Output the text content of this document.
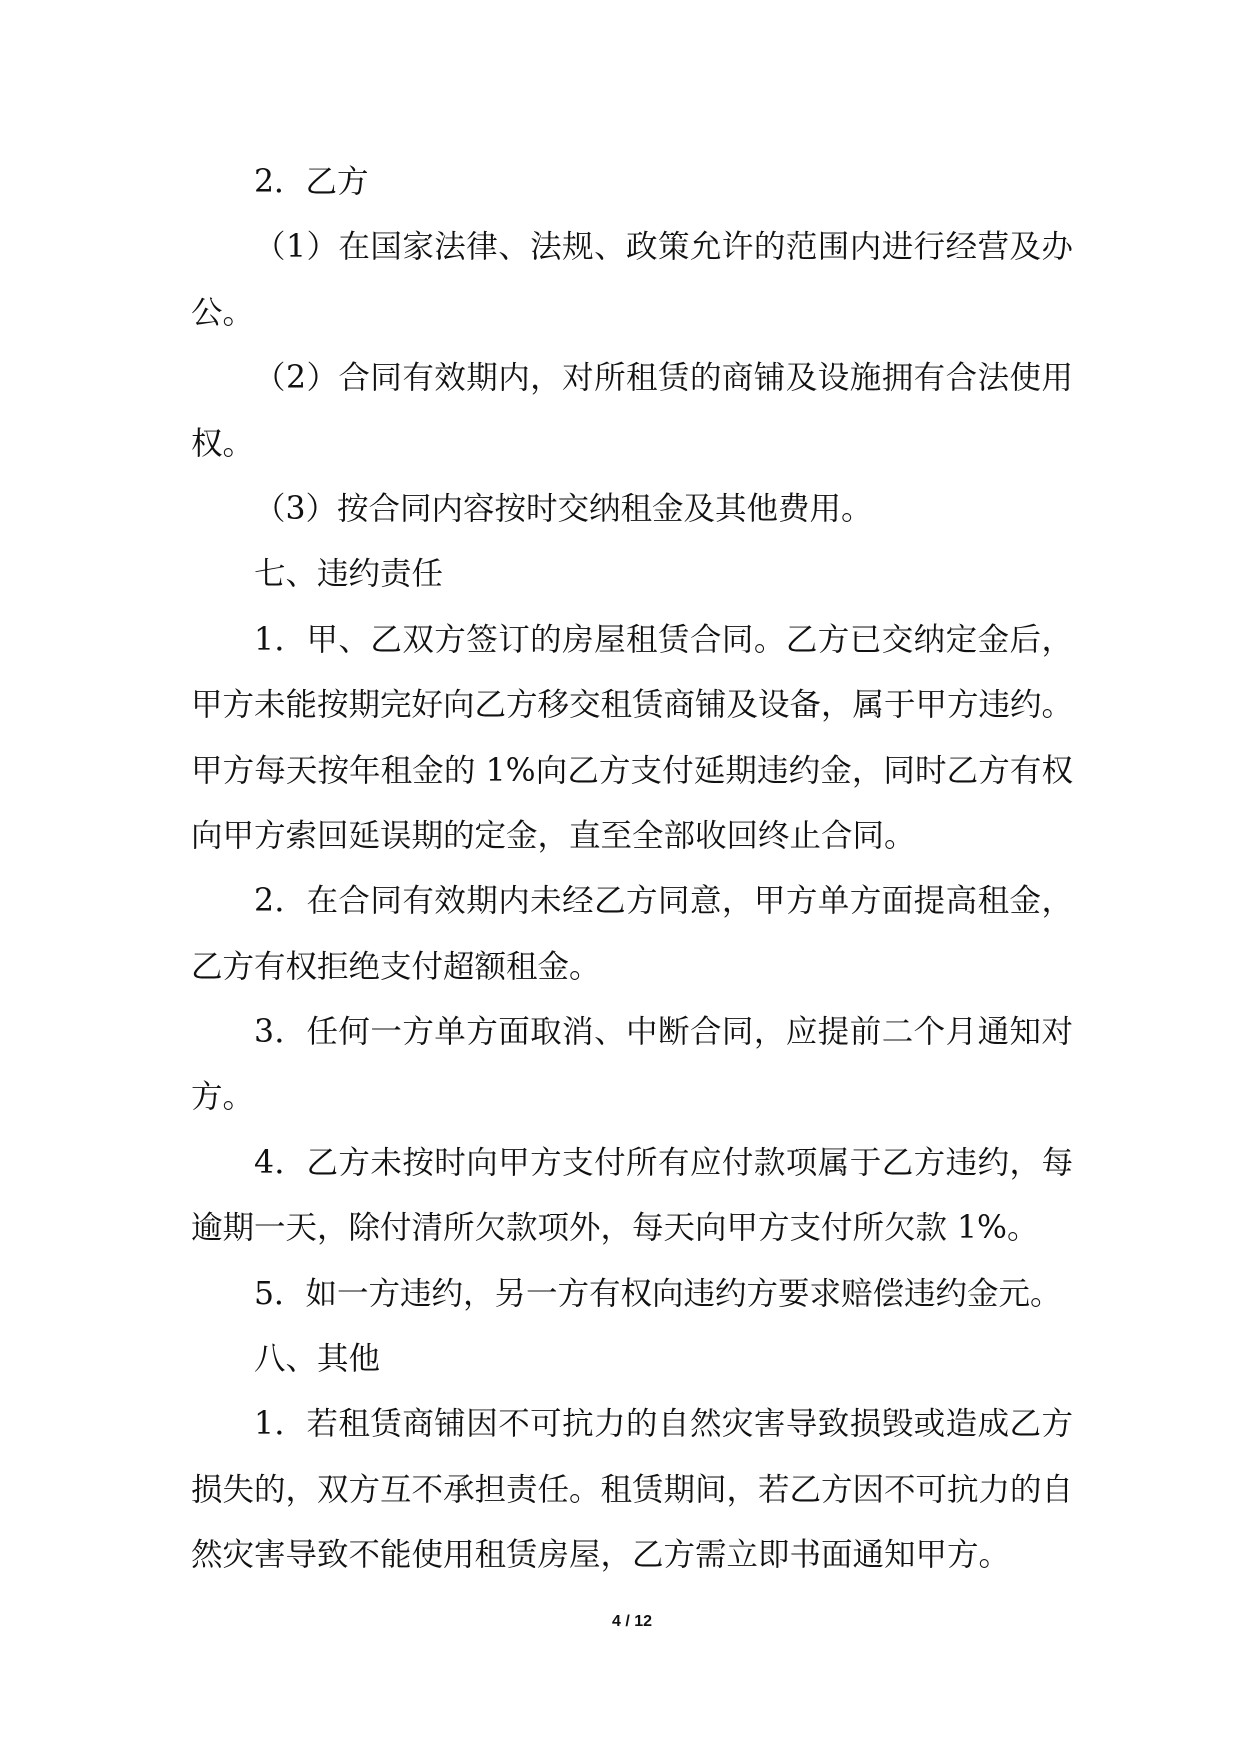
2．乙方
（1）在国家法律、法规、政策允许的范围内进行经营及办
公。
（2）合同有效期内，对所租赁的商铺及设施拥有合法使用
权。
（3）按合同内容按时交纳租金及其他费用。
七、违约责任
1．甲、乙双方签订的房屋租赁合同。乙方已交纳定金后，
甲方未能按期完好向乙方移交租赁商铺及设备，属于甲方违约。
甲方每天按年租金的 1%向乙方支付延期违约金，同时乙方有权
向甲方索回延误期的定金，直至全部收回终止合同。
2．在合同有效期内未经乙方同意，甲方单方面提高租金，
乙方有权拒绝支付超额租金。
3．任何一方单方面取消、中断合同，应提前二个月通知对
方。
4．乙方未按时向甲方支付所有应付款项属于乙方违约，每
逾期一天，除付清所欠款项外，每天向甲方支付所欠款 1%。
5．如一方违约，另一方有权向违约方要求赔偿违约金元。
八、其他
1．若租赁商铺因不可抗力的自然灾害导致损毁或造成乙方
损失的，双方互不承担责任。租赁期间，若乙方因不可抗力的自
然灾害导致不能使用租赁房屋，乙方需立即书面通知甲方。
4 / 12
